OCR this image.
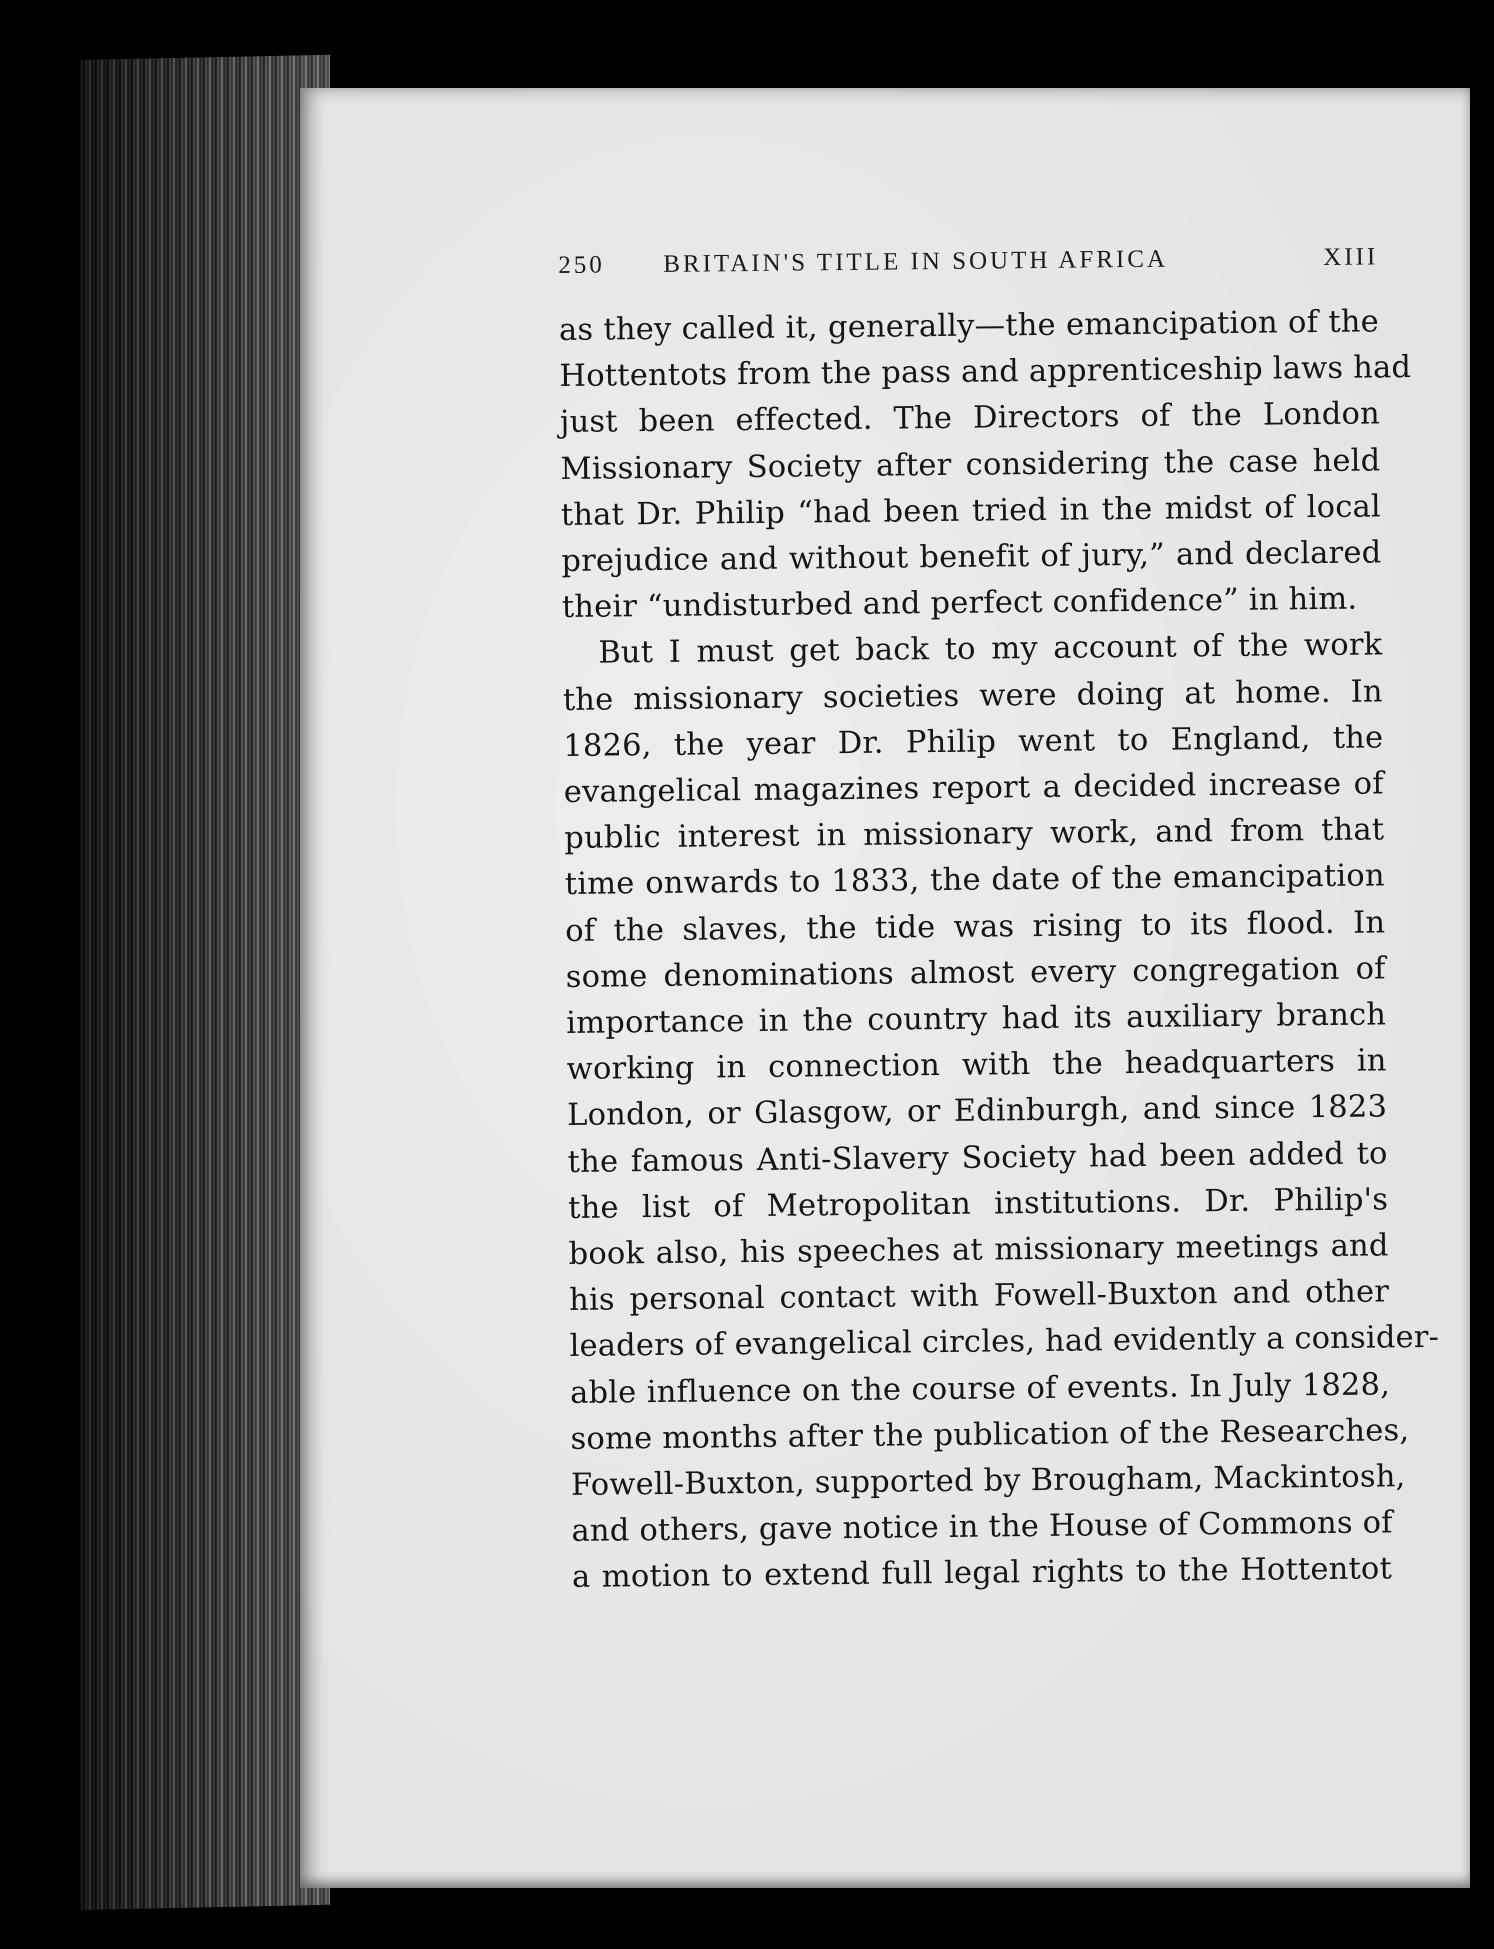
250 BRITAIN'S TITLE IN SOUTH AFRICA	XIII
as they called it, generally—the emancipation of the
Hottentots from the pass and apprenticeship laws had
just been effected. The Directors of the London
Missionary Society after considering the case held
that Dr. Philip “had been tried in the midst of local
prejudice and without benefit of jury,” and declared
their “undisturbed and perfect confidence” in him.
But I must get back to my account of the work
the missionary societies were doing at home. In
1826, the year Dr. Philip went to England, the
evangelical magazines report a decided increase of
public interest in missionary work, and from that
time onwards to 1833, the date of the emancipation
of the slaves, the tide was rising to its flood. In
some denominations almost every congregation of
importance in the country had its auxiliary branch
working in connection with the headquarters in
London, or Glasgow, or Edinburgh, and since 1823
the famous Anti-Slavery Society had been added to
the list of Metropolitan institutions. Dr. Philip's
book also, his speeches at missionary meetings and
his personal contact with Fowell-Buxton and other
leaders of evangelical circles, had evidently a consider-
able influence on the course of events. In July 1828,
some months after the publication of the Researches,
Fowell-Buxton, supported by Brougham, Mackintosh,
and others, gave notice in the House of Commons of
a motion to extend full legal rights to the Hottentot
